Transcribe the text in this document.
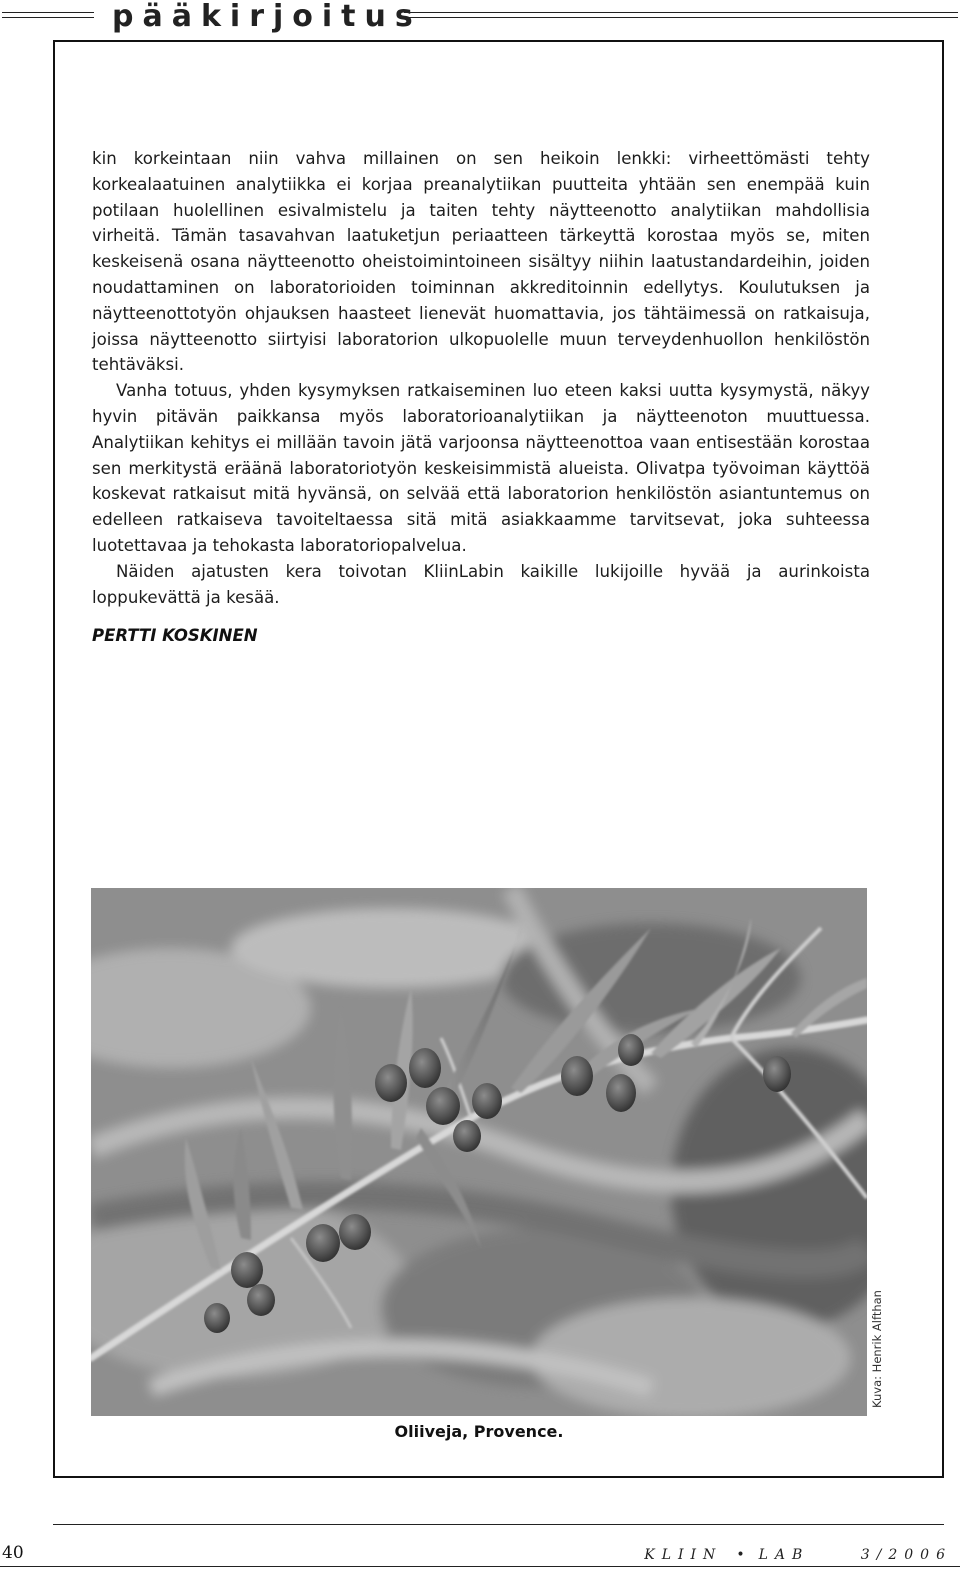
pääkirjoitus

kin korkeintaan niin vahva millainen on sen heikoin lenkki: virheettömästi tehty korkealaatuinen analytiikka ei korjaa preanalytiikan puutteita yhtään sen enempää kuin potilaan huolellinen esivalmistelu ja taiten tehty näytteenotto analytiikan mahdollisia virheitä. Tämän tasavahvan laatuketjun periaatteen tärkeyttä korostaa myös se, miten keskeisenä osana näytteenotto oheistoimintoineen sisältyy niihin laatustandardeihin, joiden noudattaminen on laboratorioiden toiminnan akkreditoinnin edellytys. Koulutuksen ja näytteenottotyön ohjauksen haasteet lienevät huomattavia, jos tähtäimessä on ratkaisuja, joissa näytteenotto siirtyisi laboratorion ulkopuolelle muun terveydenhuollon henkilöstön tehtäväksi.

Vanha totuus, yhden kysymyksen ratkaiseminen luo eteen kaksi uutta kysymystä, näkyy hyvin pitävän paikkansa myös laboratorioanalytiikan ja näytteenoton muuttuessa. Analytiikan kehitys ei millään tavoin jätä varjoonsa näytteenottoa vaan entisestään korostaa sen merkitystä eräänä laboratoriotyön keskeisimmistä alueista. Olivatpa työvoiman käyttöä koskevat ratkaisut mitä hyvänsä, on selvää että laboratorion henkilöstön asiantuntemus on edelleen ratkaiseva tavoiteltaessa sitä mitä asiakkaamme tarvitsevat, joka suhteessa luotettavaa ja tehokasta laboratoriopalvelua.

Näiden ajatusten kera toivotan KliinLabin kaikille lukijoille hyvää ja aurinkoista loppukevättä ja kesää.

PERTTI KOSKINEN
Kuva: Henrik Alfthan
Oliiveja, Provence.
40	KLIIN • LAB	3/2006
